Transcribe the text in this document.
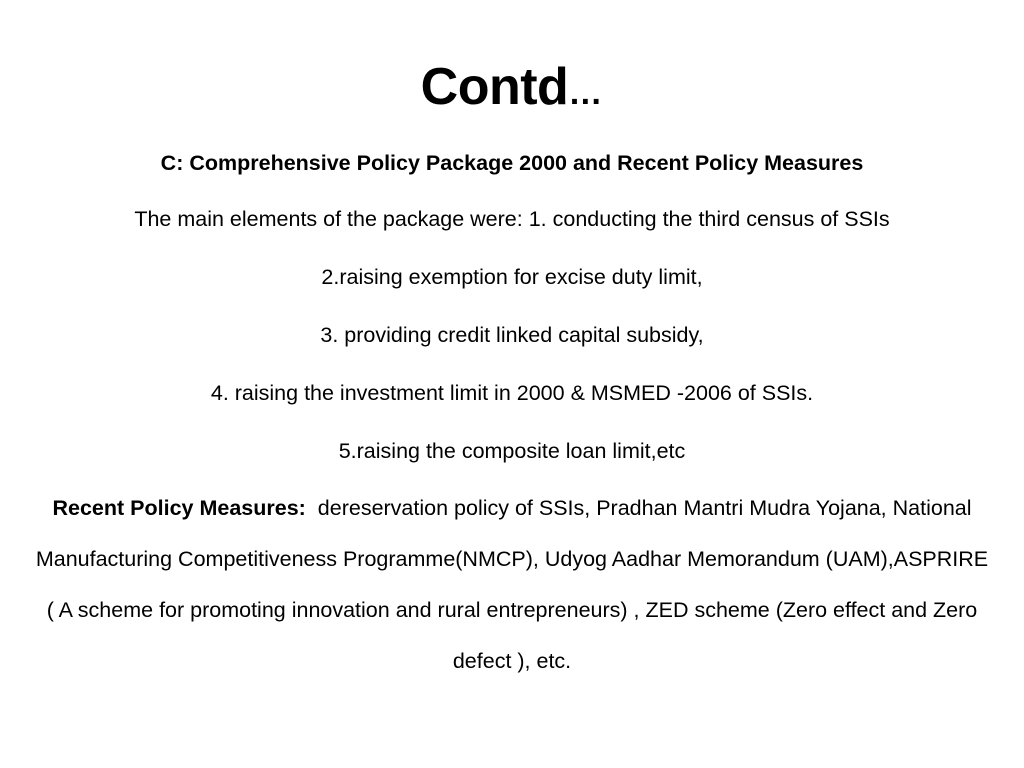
Contd…

C: Comprehensive Policy Package 2000 and Recent Policy Measures

The main elements of the package were: 1. conducting the third census of SSIs

2.raising exemption for excise duty limit,

3. providing credit linked capital subsidy,

4. raising the investment limit in 2000 & MSMED -2006 of SSIs.

5.raising the composite loan limit,etc

Recent Policy Measures: dereservation policy of SSIs, Pradhan Mantri Mudra Yojana, National Manufacturing Competitiveness Programme(NMCP), Udyog Aadhar Memorandum (UAM),ASPRIRE ( A scheme for promoting innovation and rural entrepreneurs) , ZED scheme (Zero effect and Zero defect ), etc.
